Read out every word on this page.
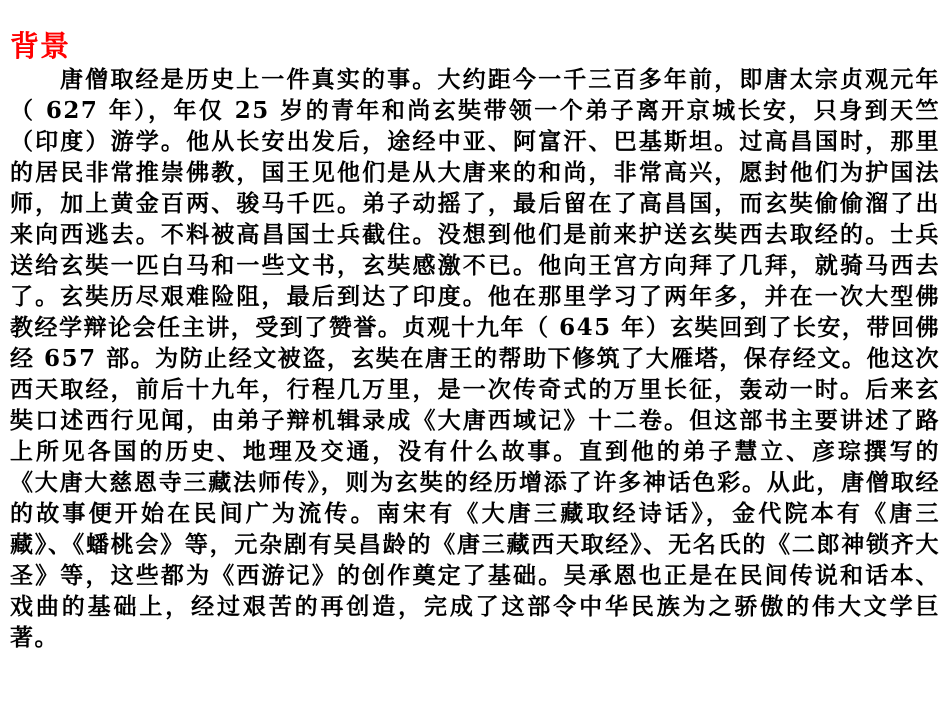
背景

唐僧取经是历史上一件真实的事。大约距今一千三百多年前，即唐太宗贞观元年（ 627 年），年仅 25 岁的青年和尚玄奘带领一个弟子离开京城长安，只身到天竺（印度）游学。他从长安出发后，途经中亚、阿富汗、巴基斯坦。过高昌国时，那里的居民非常推崇佛教，国王见他们是从大唐来的和尚，非常高兴，愿封他们为护国法师，加上黄金百两、骏马千匹。弟子动摇了，最后留在了高昌国，而玄奘偷偷溜了出来向西逃去。不料被高昌国士兵截住。没想到他们是前来护送玄奘西去取经的。士兵送给玄奘一匹白马和一些文书，玄奘感激不已。他向王宫方向拜了几拜，就骑马西去了。玄奘历尽艰难险阻，最后到达了印度。他在那里学习了两年多，并在一次大型佛教经学辩论会任主讲，受到了赞誉。贞观十九年（ 645 年）玄奘回到了长安，带回佛经 657 部。为防止经文被盗，玄奘在唐王的帮助下修筑了大雁塔，保存经文。他这次西天取经，前后十九年，行程几万里，是一次传奇式的万里长征，轰动一时。后来玄奘口述西行见闻，由弟子辩机辑录成《大唐西域记》十二卷。但这部书主要讲述了路上所见各国的历史、地理及交通，没有什么故事。直到他的弟子慧立、彦琮撰写的《大唐大慈恩寺三藏法师传》，则为玄奘的经历增添了许多神话色彩。从此，唐僧取经的故事便开始在民间广为流传。南宋有《大唐三藏取经诗话》，金代院本有《唐三藏》、《蟠桃会》等，元杂剧有吴昌龄的《唐三藏西天取经》、无名氏的《二郎神锁齐大圣》等，这些都为《西游记》的创作奠定了基础。吴承恩也正是在民间传说和话本、戏曲的基础上，经过艰苦的再创造，完成了这部令中华民族为之骄傲的伟大文学巨著。
